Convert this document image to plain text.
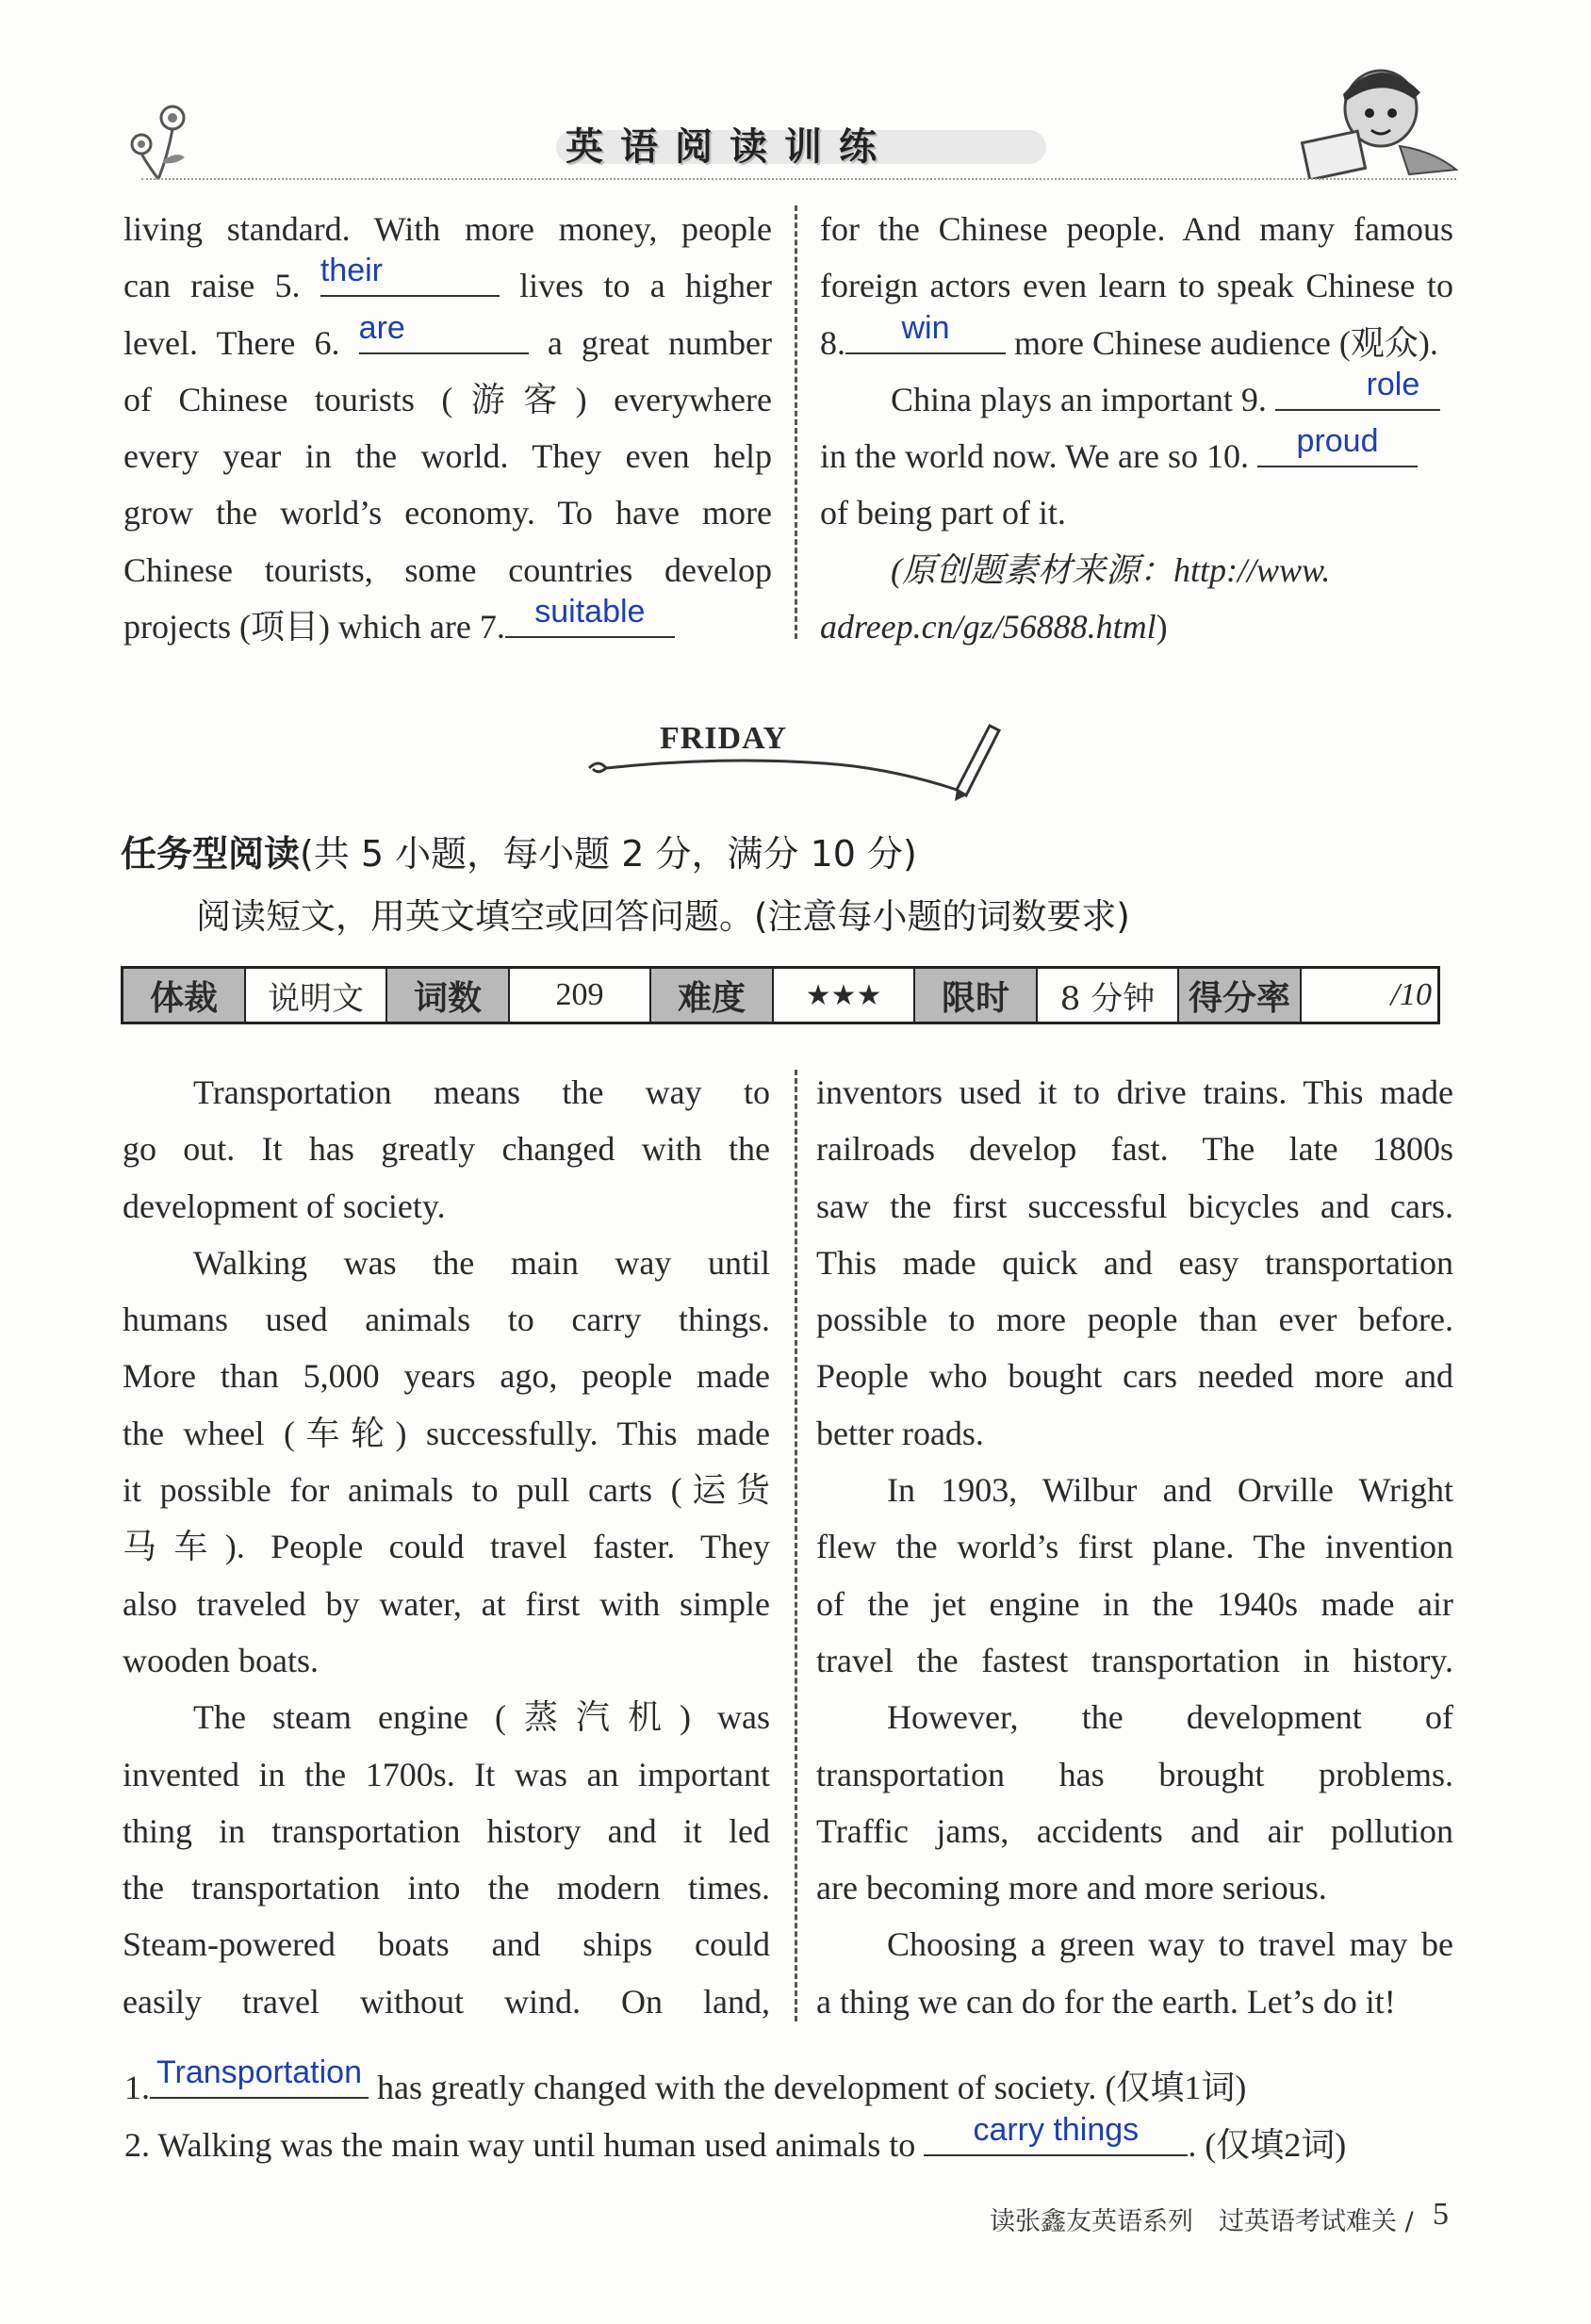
英语阅读训练

living standard. With more money, people

can raise 5. their	lives to a higher

level. There 6. are	a great number

of Chinese tourists (游客) everywhere

every year in the world. They even help

grow the world’s economy. To have more

Chinese tourists, some countries develop

projects (项目) which are 7. suitable

for the Chinese people. And many famous

foreign actors even learn to speak Chinese to

8.	win	more Chinese audience (观众).

China plays an important 9.	role

in the world now. We are so 10.	proud

of being part of it.

(原创题素材来源：http://www.

adreep.cn/gz/56888.html)

FRIDAY
任务型阅读(共 5 小题，每小题 2 分，满分 10 分)
阅读短文，用英文填空或回答问题。(注意每小题的词数要求)
体裁	说明文	词数	209	难度	★★★	限时	8 分钟 得分率	/10

Transportation means the way to

go out. It has greatly changed with the

development of society.

Walking was the main way until

humans used animals to carry things.

More than 5,000 years ago, people made

the wheel (车轮) successfully. This made

it possible for animals to pull carts (运货

马车). People could travel faster. They

also traveled by water, at first with simple

wooden boats.

The steam engine (蒸汽机) was

invented in the 1700s. It was an important

thing in transportation history and it led

the transportation into the modern times.

Steam-powered boats and ships could

easily travel without wind. On land,

inventors used it to drive trains. This made

railroads develop fast. The late 1800s

saw the first successful bicycles and cars.

This made quick and easy transportation

possible to more people than ever before.

People who bought cars needed more and

better roads.

In 1903, Wilbur and Orville Wright

flew the world’s first plane. The invention

of the jet engine in the 1940s made air

travel the fastest transportation in history.

However, the development of

transportation has brought problems.

Traffic jams, accidents and air pollution

are becoming more and more serious.

Choosing a green way to travel may be

a thing we can do for the earth. Let’s do it!

1. Transportation has greatly changed with the development of society. (仅填1词)
2. Walking was the main way until human used animals to	carry things	. (仅填2词)
读张鑫友英语系列　过英语考试难关 / 5
